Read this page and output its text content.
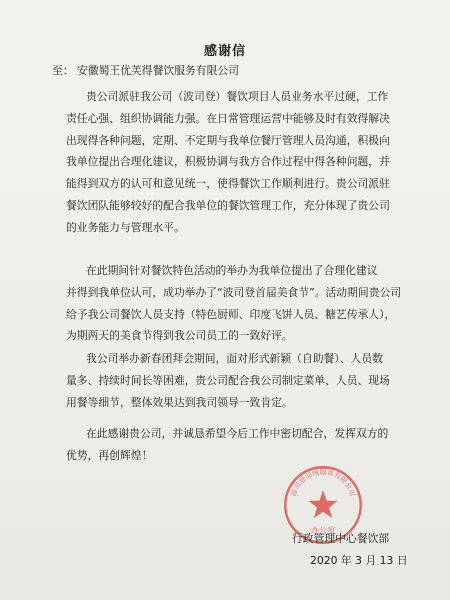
感谢信
至： 安徽蜀王优芙得餐饮服务有限公司
贵公司派驻我公司（波司登）餐饮项目人员业务水平过硬，工作
责任心强、组织协调能力强。在日常管理运营中能够及时有效得解决
出现得各种问题，定期、不定期与我单位餐厅管理人员沟通，积极向
我单位提出合理化建议，积极协调与我方合作过程中得各种问题，并
能得到双方的认可和意见统一，使得餐饮工作顺利进行。贵公司派驻
餐饮团队能够较好的配合我单位的餐饮管理工作，充分体现了贵公司
的业务能力与管理水平。
在此期间针对餐饮特色活动的举办为我单位提出了合理化建议
并得到我单位认可，成功举办了“波司登首届美食节”。活动期间贵公司
给予我公司餐饮人员支持（特色厨师、印度飞饼人员、糖艺传承人），
为期两天的美食节得到我公司员工的一致好评。
我公司举办新春团拜会期间，面对形式新颖（自助餐）、人员数
量多、持续时间长等困难，贵公司配合我公司制定菜单、人员、现场
用餐等细节，整体效果达到我司领导一致肯定。
在此感谢贵公司，并诚恳希望今后工作中密切配合，发挥双方的
优势，再创辉煌！
波司登羽绒服装有限公司
办公室
行政管理中心餐饮部
2020 年 3 月 13 日
